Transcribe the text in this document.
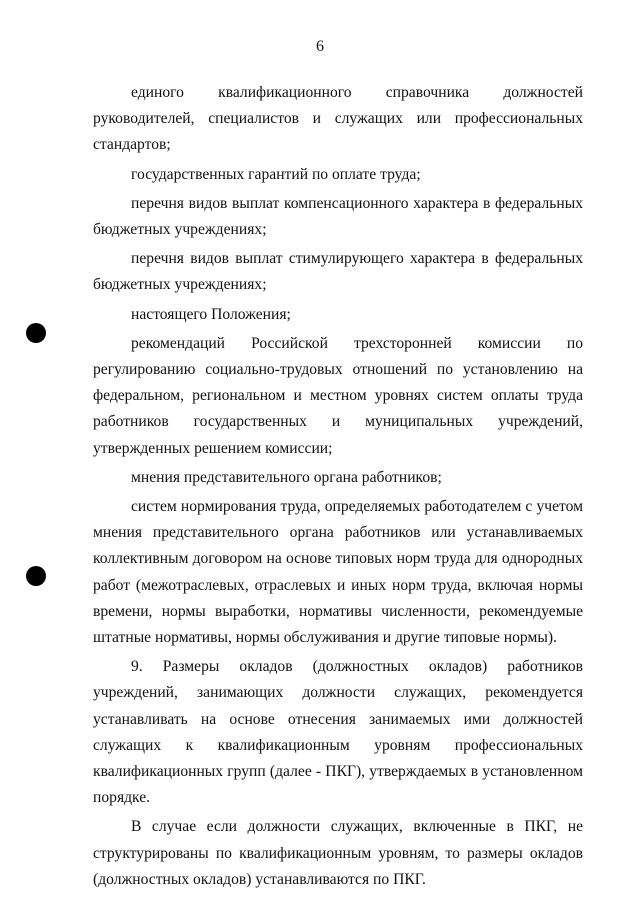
6

единого квалификационного справочника должностей руководителей, специалистов и служащих или профессиональных стандартов;

государственных гарантий по оплате труда;

перечня видов выплат компенсационного характера в федеральных бюджетных учреждениях;

перечня видов выплат стимулирующего характера в федеральных бюджетных учреждениях;

настоящего Положения;

рекомендаций Российской трехсторонней комиссии по регулированию социально-трудовых отношений по установлению на федеральном, региональном и местном уровнях систем оплаты труда работников государственных и муниципальных учреждений, утвержденных решением комиссии;

мнения представительного органа работников;

систем нормирования труда, определяемых работодателем с учетом мнения представительного органа работников или устанавливаемых коллективным договором на основе типовых норм труда для однородных работ (межотраслевых, отраслевых и иных норм труда, включая нормы времени, нормы выработки, нормативы численности, рекомендуемые штатные нормативы, нормы обслуживания и другие типовые нормы).

9. Размеры окладов (должностных окладов) работников учреждений, занимающих должности служащих, рекомендуется устанавливать на основе отнесения занимаемых ими должностей служащих к квалификационным уровням профессиональных квалификационных групп (далее - ПКГ), утверждаемых в установленном порядке.

В случае если должности служащих, включенные в ПКГ, не структурированы по квалификационным уровням, то размеры окладов (должностных окладов) устанавливаются по ПКГ.
